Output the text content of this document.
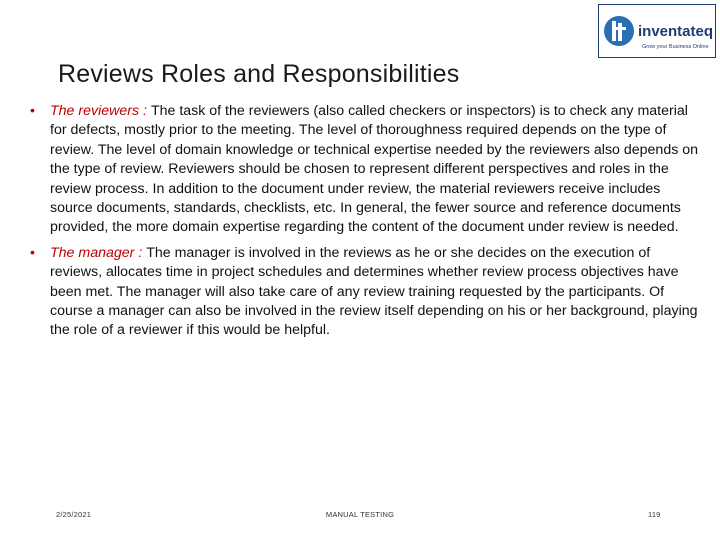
inventateq
Grow your Business Online
Reviews Roles and Responsibilities
•	The reviewers : The task of the reviewers (also called checkers or inspectors) is to check any material for defects, mostly prior to the meeting. The level of thoroughness required depends on the type of review. The level of domain knowledge or technical expertise needed by the reviewers also depends on the type of review. Reviewers should be chosen to represent different perspectives and roles in the review process. In addition to the document under review, the material reviewers receive includes source documents, standards, checklists, etc. In general, the fewer source and reference documents provided, the more domain expertise regarding the content of the document under review is needed.
•	The manager : The manager is involved in the reviews as he or she decides on the execution of reviews, allocates time in project schedules and determines whether review process objectives have been met. The manager will also take care of any review training requested by the participants. Of course a manager can also be involved in the review itself depending on his or her background, playing the role of a reviewer if this would be helpful.
2/25/2021	MANUAL TESTING	119
